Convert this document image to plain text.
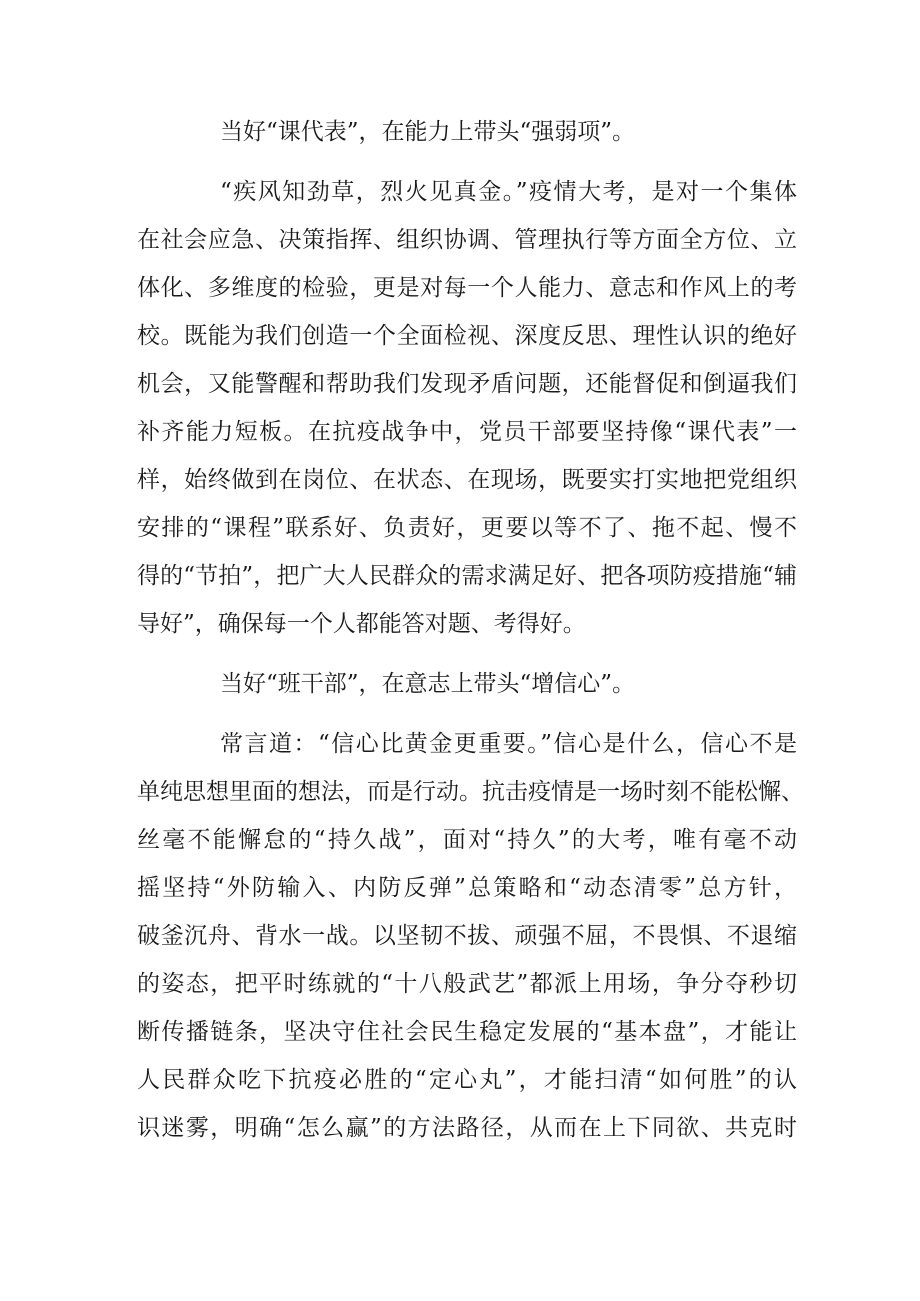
当好“课代表”，在能力上带头“强弱项”。
“疾风知劲草，烈火见真金。”疫情大考，是对一个集体
在社会应急、决策指挥、组织协调、管理执行等方面全方位、立
体化、多维度的检验，更是对每一个人能力、意志和作风上的考
校。既能为我们创造一个全面检视、深度反思、理性认识的绝好
机会，又能警醒和帮助我们发现矛盾问题，还能督促和倒逼我们
补齐能力短板。在抗疫战争中，党员干部要坚持像“课代表”一
样，始终做到在岗位、在状态、在现场，既要实打实地把党组织
安排的“课程”联系好、负责好，更要以等不了、拖不起、慢不
得的“节拍”，把广大人民群众的需求满足好、把各项防疫措施“辅
导好”，确保每一个人都能答对题、考得好。
当好“班干部”，在意志上带头“增信心”。
常言道：“信心比黄金更重要。”信心是什么，信心不是
单纯思想里面的想法，而是行动。抗击疫情是一场时刻不能松懈、
丝毫不能懈怠的“持久战”，面对“持久”的大考，唯有毫不动
摇坚持“外防输入、内防反弹”总策略和“动态清零”总方针，
破釜沉舟、背水一战。以坚韧不拔、顽强不屈，不畏惧、不退缩
的姿态，把平时练就的“十八般武艺”都派上用场，争分夺秒切
断传播链条，坚决守住社会民生稳定发展的“基本盘”，才能让
人民群众吃下抗疫必胜的“定心丸”，才能扫清“如何胜”的认
识迷雾，明确“怎么赢”的方法路径，从而在上下同欲、共克时
